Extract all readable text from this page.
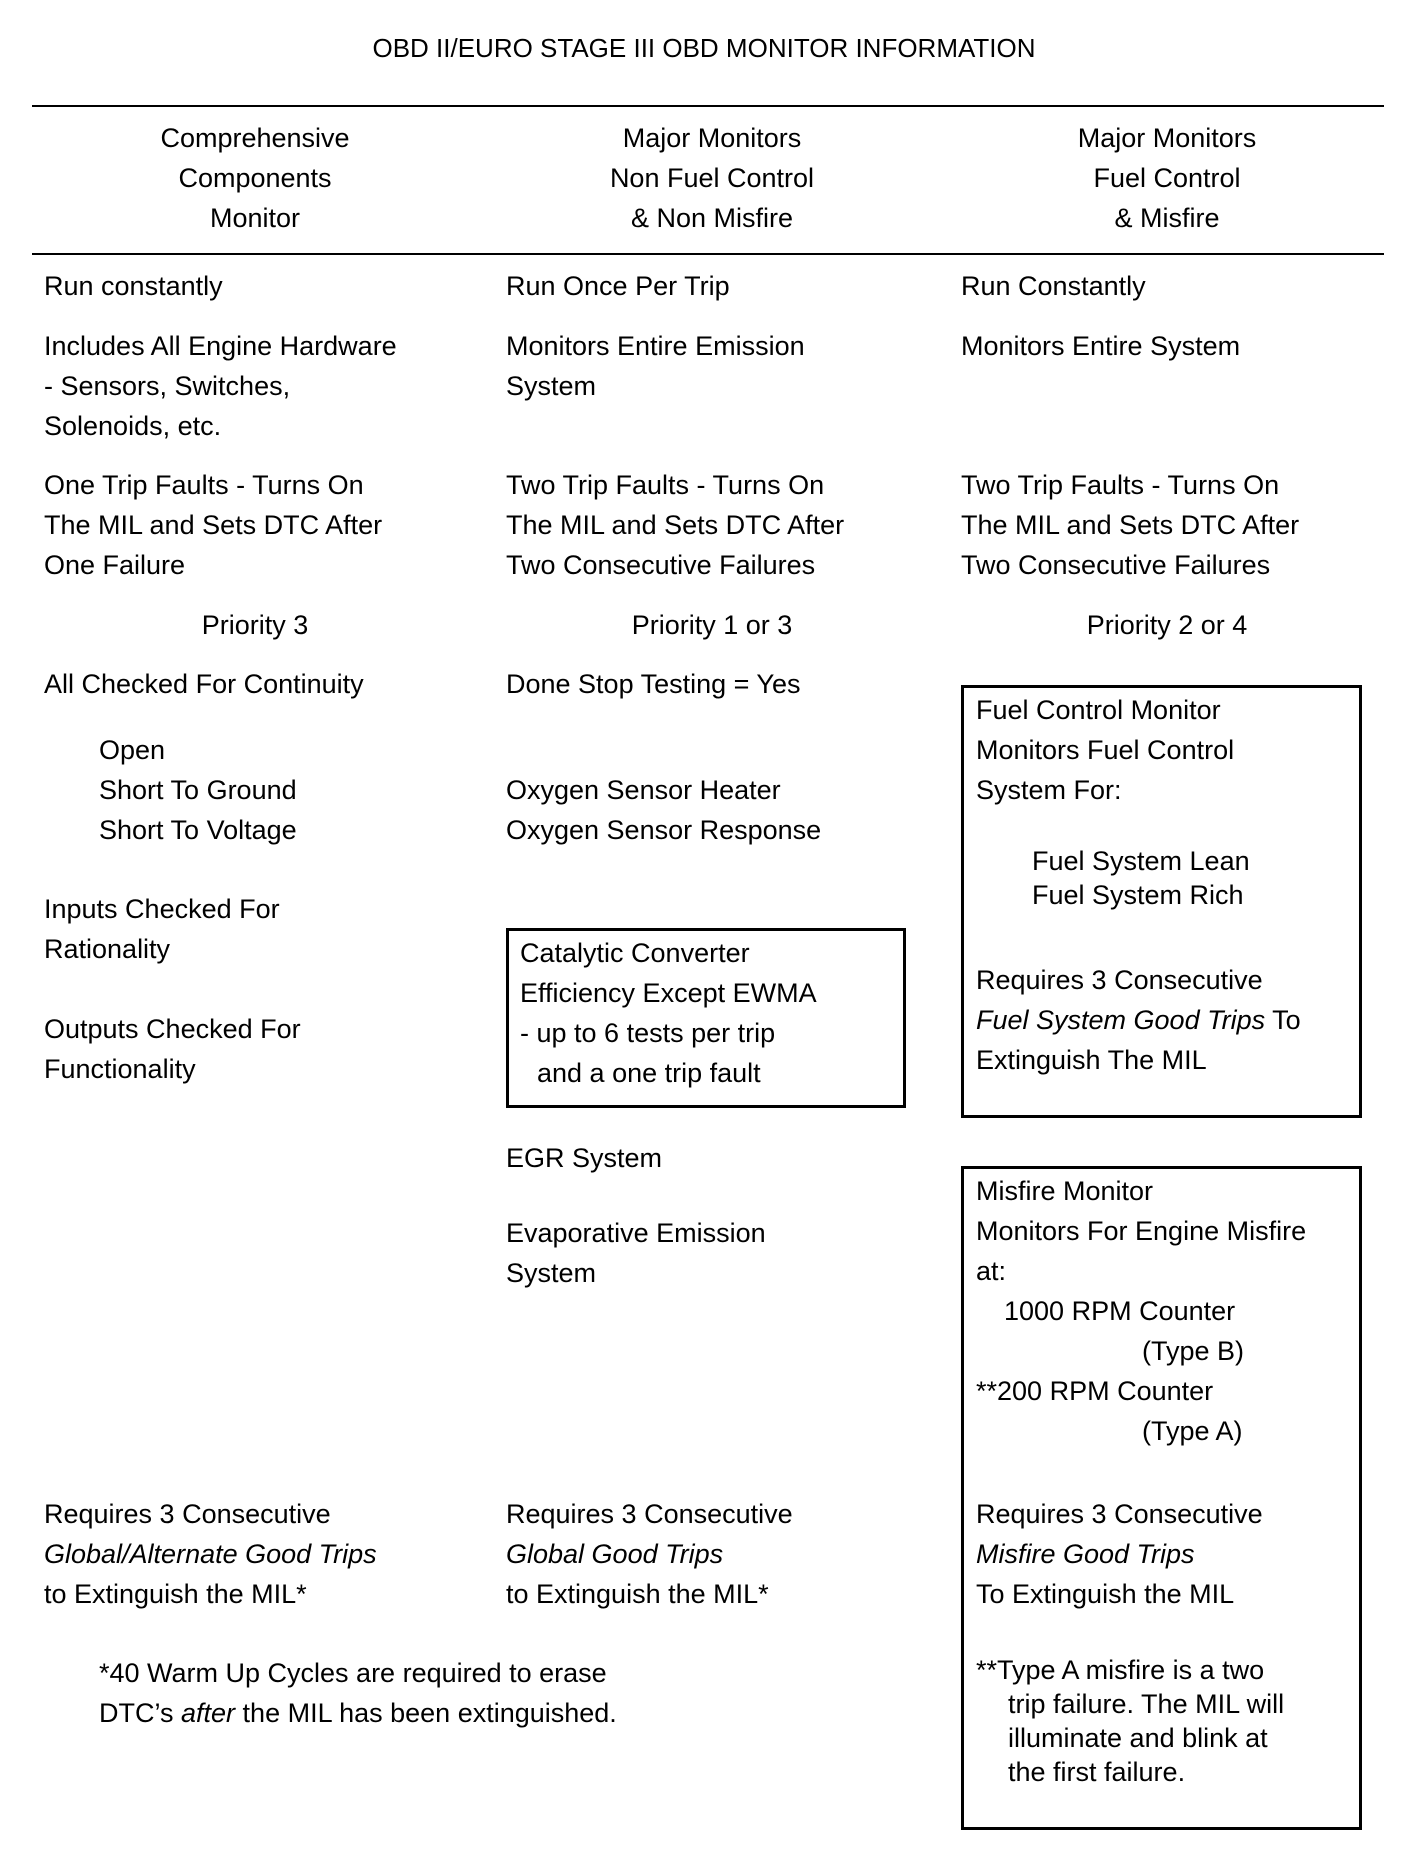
OBD II/EURO STAGE III OBD MONITOR INFORMATION
Comprehensive
Components
Monitor
Major Monitors
Non Fuel Control
& Non Misfire
Major Monitors
Fuel Control
& Misfire
Run constantly
Includes All Engine Hardware
- Sensors, Switches,
Solenoids, etc.
One Trip Faults - Turns On
The MIL and Sets DTC After
One Failure
Priority 3
All Checked For Continuity
Open
Short To Ground
Short To Voltage
Inputs Checked For
Rationality
Outputs Checked For
Functionality
Requires 3 Consecutive
Global/Alternate Good Trips
to Extinguish the MIL*
Run Once Per Trip
Monitors Entire Emission
System
Two Trip Faults - Turns On
The MIL and Sets DTC After
Two Consecutive Failures
Priority 1 or 3
Done Stop Testing = Yes
Oxygen Sensor Heater
Oxygen Sensor Response
Catalytic Converter
Efficiency Except EWMA
- up to 6 tests per trip
and a one trip fault
EGR System
Evaporative Emission
System
Requires 3 Consecutive
Global Good Trips
to Extinguish the MIL*
Run Constantly
Monitors Entire System
Two Trip Faults - Turns On
The MIL and Sets DTC After
Two Consecutive Failures
Priority 2 or 4
Fuel Control Monitor
Monitors Fuel Control
System For:
Fuel System Lean
Fuel System Rich
Requires 3 Consecutive
Fuel System Good Trips To
Extinguish The MIL
Misfire Monitor
Monitors For Engine Misfire
at:
1000 RPM Counter
(Type B)
**200 RPM Counter
(Type A)
Requires 3 Consecutive
Misfire Good Trips
To Extinguish the MIL
**Type A misfire is a two
trip failure. The MIL will
illuminate and blink at
the first failure.
*40 Warm Up Cycles are required to erase
DTC’s after the MIL has been extinguished.
